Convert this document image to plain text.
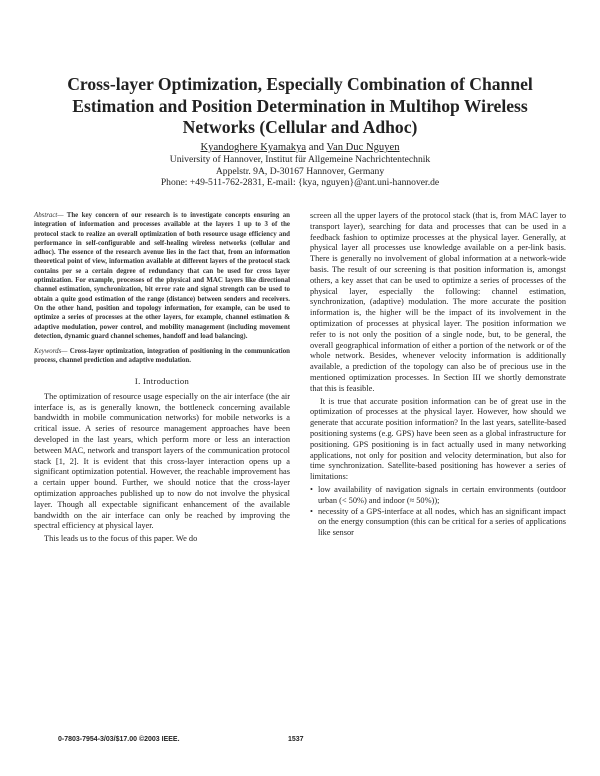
Cross-layer Optimization, Especially Combination of Channel Estimation and Position Determination in Multihop Wireless Networks (Cellular and Adhoc)
Kyandoghere Kyamakya and Van Duc Nguyen
University of Hannover, Institut für Allgemeine Nachrichtentechnik
Appelstr. 9A, D-30167 Hannover, Germany
Phone: +49-511-762-2831, E-mail: {kya, nguyen}@ant.uni-hannover.de
Abstract— The key concern of our research is to investigate concepts ensuring an integration of information and processes available at the layers 1 up to 3 of the protocol stack to realize an overall optimization of both resource usage efficiency and performance in self-configurable and self-healing wireless networks (cellular and adhoc). The essence of the research avenue lies in the fact that, from an information theoretical point of view, information available at different layers of the protocol stack contains per se a certain degree of redundancy that can be used for cross layer optimization. For example, processes of the physical and MAC layers like directional channel estimation, synchronization, bit error rate and signal strength can be used to obtain a quite good estimation of the range (distance) between senders and receivers. On the other hand, position and topology information, for example, can be used to optimize a series of processes at the other layers, for example, channel estimation & adaptive modulation, power control, and mobility management (including movement detection, dynamic guard channel schemes, handoff and load balancing).
Keywords— Cross-layer optimization, integration of positioning in the communication process, channel prediction and adaptive modulation.
I. Introduction

The optimization of resource usage especially on the air interface (the air interface is, as is generally known, the bottleneck concerning available bandwidth in mobile communication networks) for mobile networks is a critical issue. A series of resource management approaches have been developed in the last years, which perform more or less an interaction between MAC, network and transport layers of the communication protocol stack [1, 2]. It is evident that this cross-layer interaction opens up a significant optimization potential. However, the reachable improvement has a certain upper bound. Further, we should notice that the cross-layer optimization approaches published up to now do not involve the physical layer. Though all expectable significant enhancement of the available bandwidth on the air interface can only be reached by improving the spectral efficiency at physical layer.

This leads us to the focus of this paper. We do

screen all the upper layers of the protocol stack (that is, from MAC layer to transport layer), searching for data and processes that can be used in a feedback fashion to optimize processes at the physical layer. Generally, at physical layer all processes use knowledge available on a per-link basis. There is generally no involvement of global information at a network-wide basis. The result of our screening is that position information is, amongst others, a key asset that can be used to optimize a series of processes of the physical layer, especially the following: channel estimation, synchronization, (adaptive) modulation. The more accurate the position information is, the higher will be the impact of its involvement in the optimization of processes at physical layer. The position information we refer to is not only the position of a single node, but, to be general, the overall geographical information of either a portion of the network or of the whole network. Besides, whenever velocity information is additionally available, a prediction of the topology can also be of precious use in the mentioned optimization processes. In Section III we shortly demonstrate that this is feasible.

It is true that accurate position information can be of great use in the optimization of processes at the physical layer. However, how should we generate that accurate position information? In the last years, satellite-based positioning systems (e.g. GPS) have been seen as a global infrastructure for positioning. GPS positioning is in fact actually used in many networking applications, not only for position and velocity determination, but also for time synchronization. Satellite-based positioning has however a series of limitations:

• low availability of navigation signals in certain environments (outdoor urban (< 50%) and indoor (≈ 50%));
• necessity of a GPS-interface at all nodes, which has an significant impact on the energy consumption (this can be critical for a series of applications like sensor
0-7803-7954-3/03/$17.00 ©2003 IEEE.	1537
